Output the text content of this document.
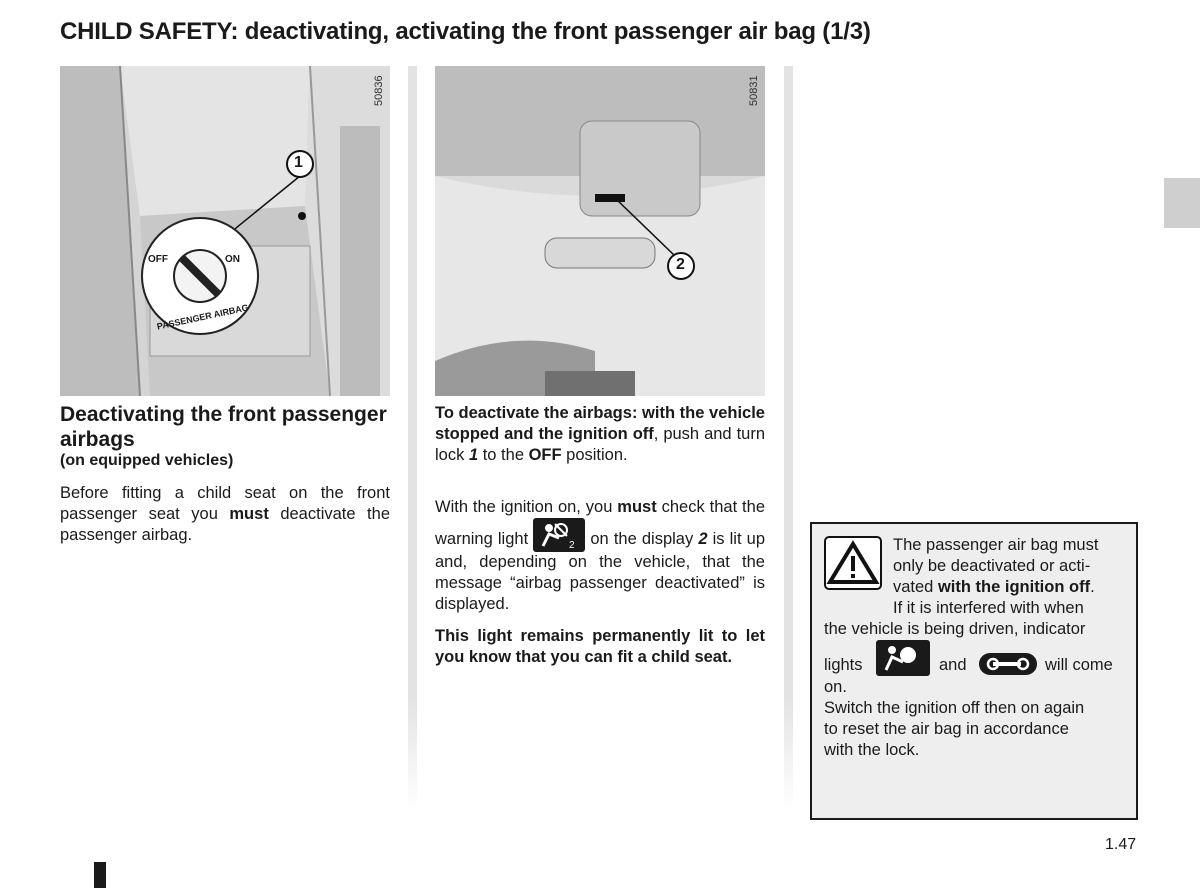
CHILD SAFETY: deactivating, activating the front passenger air bag (1/3)
50836
1
OFF	ON
PASSENGER AIRBAG
50831
2
Deactivating the front passenger airbags
(on equipped vehicles)

Before fitting a child seat on the front passenger seat you must deactivate the passenger airbag.

To deactivate the airbags: with the vehicle stopped and the ignition off, push and turn lock 1 to the OFF position.

With the ignition on, you must check that the warning light	2 on the display 2 is lit up and, depending on the vehicle, that the message “airbag passenger deactivated” is displayed.

This light remains permanently lit to let you know that you can fit a child seat.

The passenger air bag must

only be deactivated or acti-

vated with the ignition off.

If it is interfered with when

the vehicle is being driven, indicator

lights	and	will come

on.

Switch the ignition off then on again

to reset the air bag in accordance

with the lock.

1.47
